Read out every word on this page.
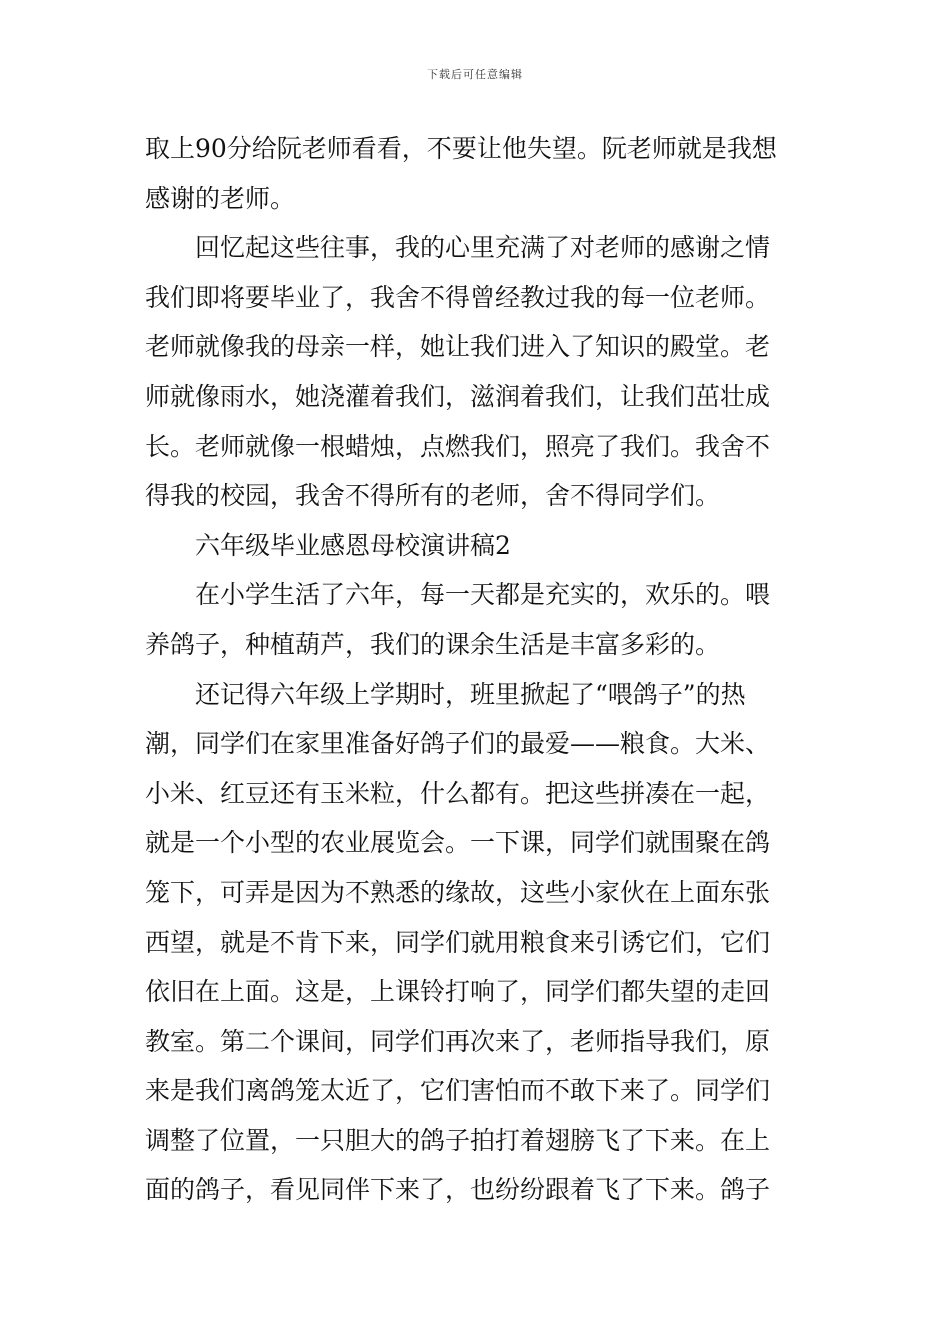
下载后可任意编辑

取上90分给阮老师看看，不要让他失望。阮老师就是我想
感谢的老师。

回忆起这些往事，我的心里充满了对老师的感谢之情
我们即将要毕业了，我舍不得曾经教过我的每一位老师。
老师就像我的母亲一样，她让我们进入了知识的殿堂。老
师就像雨水，她浇灌着我们，滋润着我们，让我们茁壮成
长。老师就像一根蜡烛，点燃我们，照亮了我们。我舍不
得我的校园，我舍不得所有的老师，舍不得同学们。

六年级毕业感恩母校演讲稿2

在小学生活了六年，每一天都是充实的，欢乐的。喂
养鸽子，种植葫芦，我们的课余生活是丰富多彩的。

还记得六年级上学期时，班里掀起了“喂鸽子”的热
潮，同学们在家里准备好鸽子们的最爱——粮食。大米、
小米、红豆还有玉米粒，什么都有。把这些拼凑在一起，
就是一个小型的农业展览会。一下课，同学们就围聚在鸽
笼下，可弄是因为不熟悉的缘故，这些小家伙在上面东张
西望，就是不肯下来，同学们就用粮食来引诱它们，它们
依旧在上面。这是，上课铃打响了，同学们都失望的走回
教室。第二个课间，同学们再次来了，老师指导我们，原
来是我们离鸽笼太近了，它们害怕而不敢下来了。同学们
调整了位置，一只胆大的鸽子拍打着翅膀飞了下来。在上
面的鸽子，看见同伴下来了，也纷纷跟着飞了下来。鸽子
